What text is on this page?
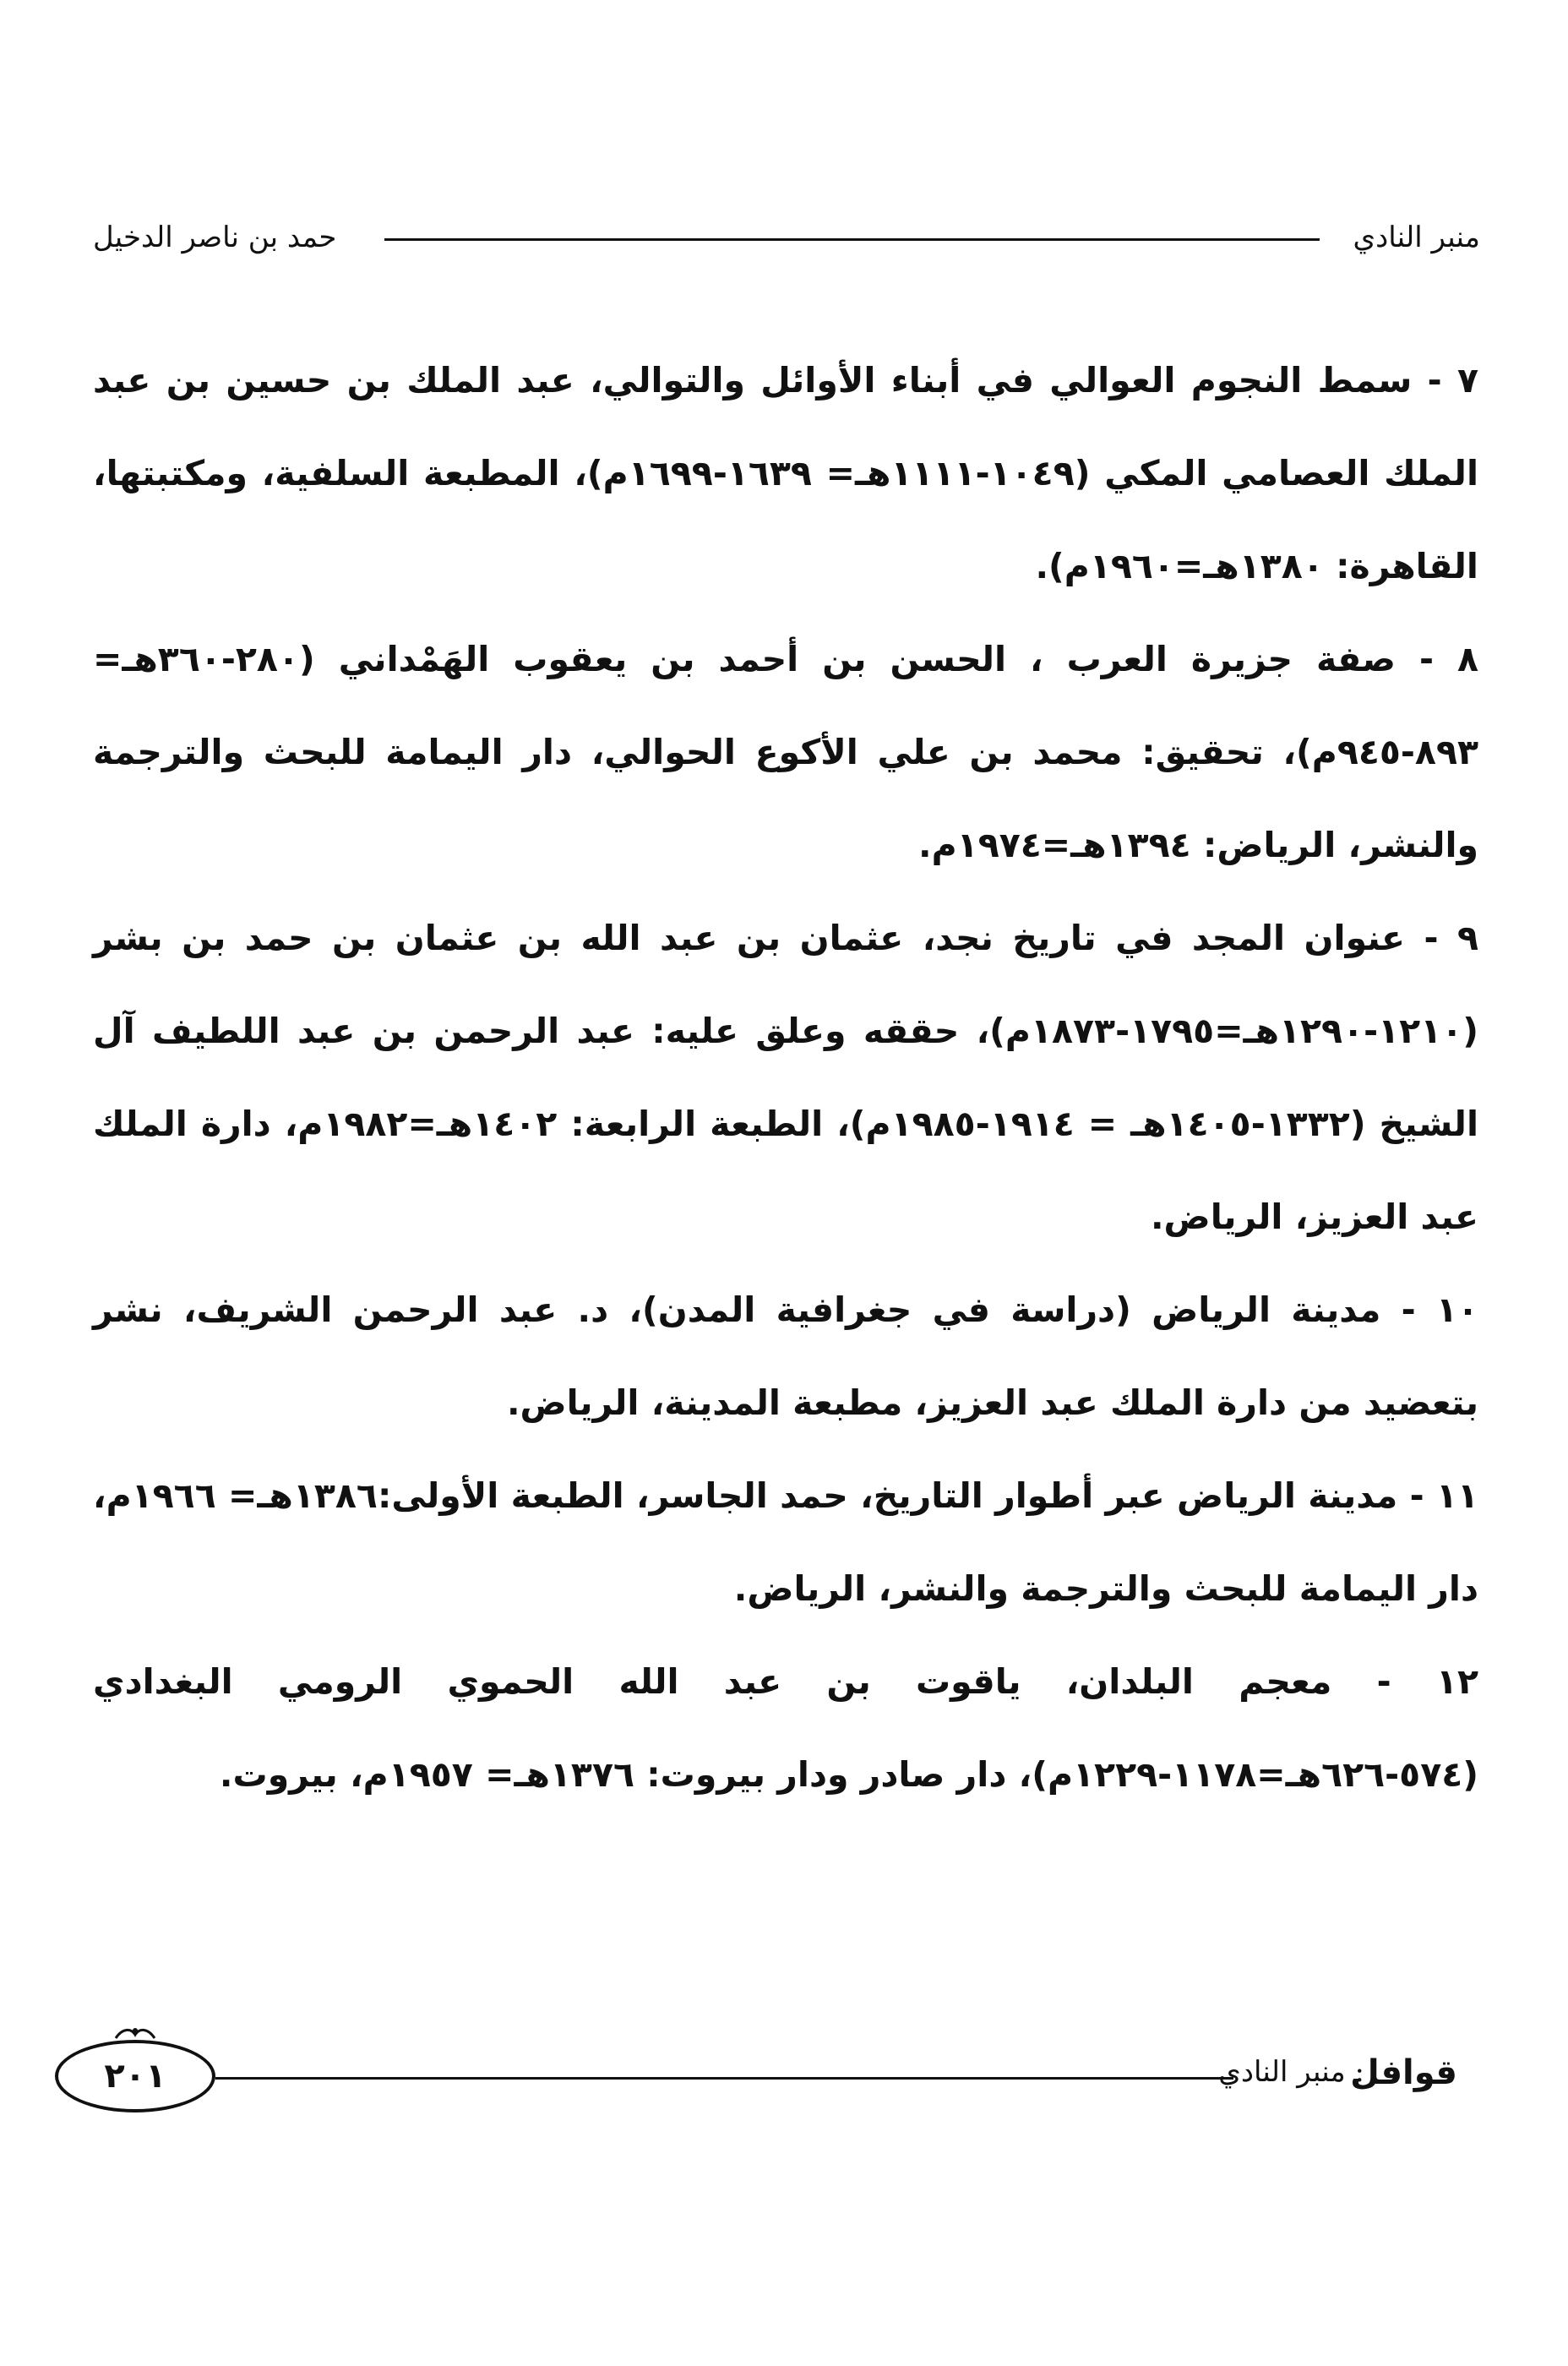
منبر النادي
حمد بن ناصر الدخيل

٧ - سمط النجوم العوالي في أبناء الأوائل والتوالي، عبد الملك بن حسين بن عبد الملك العصامي المكي (١٠٤٩-١١١١هـ= ١٦٣٩-١٦٩٩م)، المطبعة السلفية، ومكتبتها، القاهرة: ١٣٨٠هـ=١٩٦٠م).

٨ - صفة جزيرة العرب ، الحسن بن أحمد بن يعقوب الهَمْداني (٢٨٠-٣٦٠هـ= ٨٩٣-٩٤٥م)، تحقيق: محمد بن علي الأكوع الحوالي، دار اليمامة للبحث والترجمة والنشر، الرياض: ١٣٩٤هـ=١٩٧٤م.

٩ - عنوان المجد في تاريخ نجد، عثمان بن عبد الله بن عثمان بن حمد بن بشر (١٢١٠-١٢٩٠هـ=١٧٩٥-١٨٧٣م)، حققه وعلق عليه: عبد الرحمن بن عبد اللطيف آل الشيخ (١٣٣٢-١٤٠٥هـ = ١٩١٤-١٩٨٥م)، الطبعة الرابعة: ١٤٠٢هـ=١٩٨٢م، دارة الملك عبد العزيز، الرياض.

١٠ - مدينة الرياض (دراسة في جغرافية المدن)، د. عبد الرحمن الشريف، نشر بتعضيد من دارة الملك عبد العزيز، مطبعة المدينة، الرياض.

١١ - مدينة الرياض عبر أطوار التاريخ، حمد الجاسر، الطبعة الأولى:١٣٨٦هـ= ١٩٦٦م، دار اليمامة للبحث والترجمة والنشر، الرياض.

١٢ - معجم البلدان، ياقوت بن عبد الله الحموي الرومي البغدادي (٥٧٤-٦٢٦هـ=١١٧٨-١٢٢٩م)، دار صادر ودار بيروت: ١٣٧٦هـ= ١٩٥٧م، بيروت.

قوافل
: منبر النادي
٢٠١
